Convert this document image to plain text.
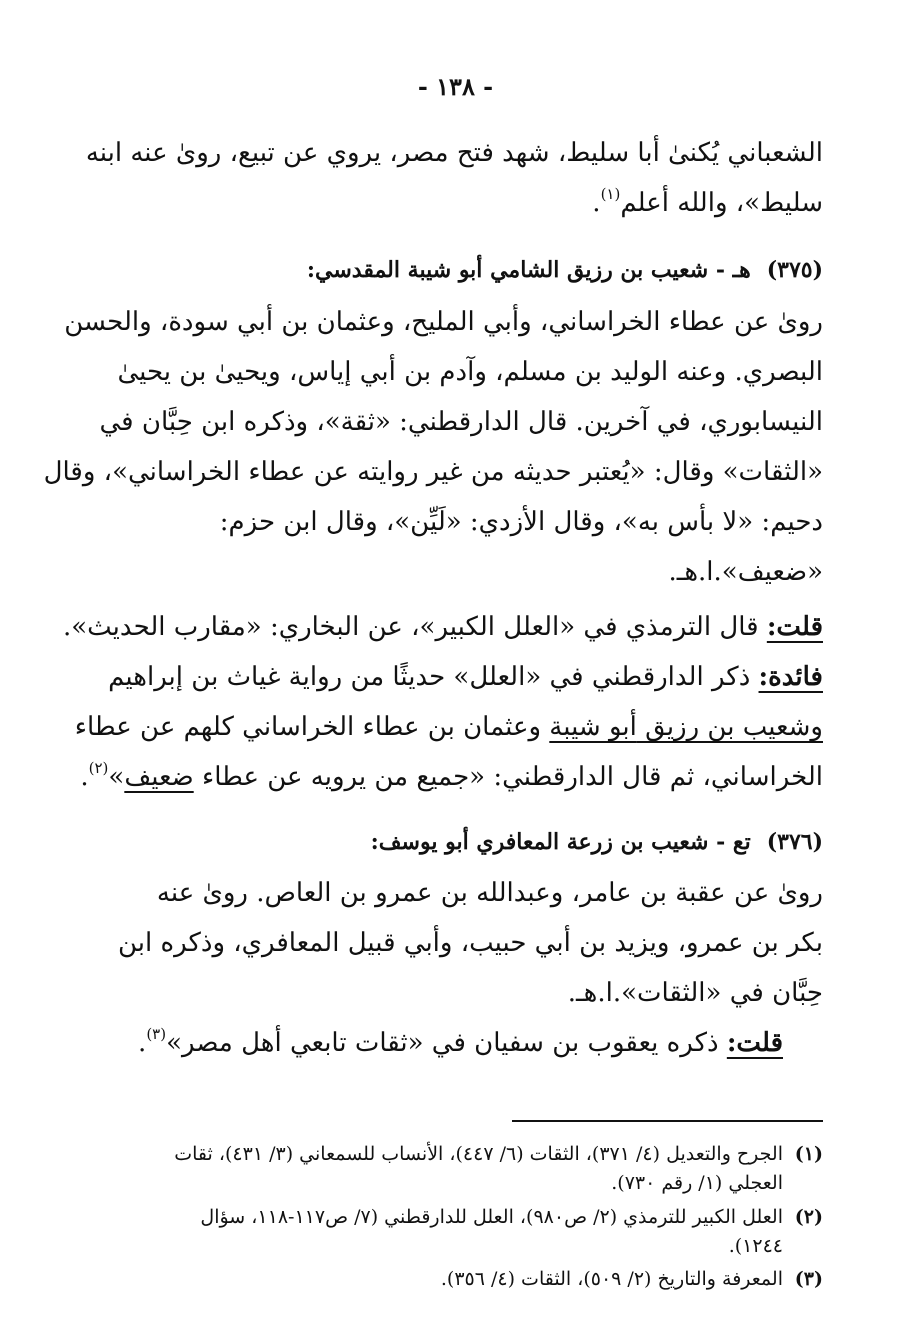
- ١٣٨ -
الشعباني يُكنىٰ أبا سليط، شهد فتح مصر، يروي عن تبيع، روىٰ عنه ابنه
سليط»، والله أعلم$^{(١)}$.
(٣٧٥)هـ - شعيب بن رزيق الشامي أبو شيبة المقدسي:
روىٰ عن عطاء الخراساني، وأبي المليح، وعثمان بن أبي سودة، والحسن
البصري. وعنه الوليد بن مسلم، وآدم بن أبي إياس، ويحيىٰ بن يحيىٰ
النيسابوري، في آخرين. قال الدارقطني: «ثقة»، وذكره ابن حِبَّان في
«الثقات» وقال: «يُعتبر حديثه من غير روايته عن عطاء الخراساني»، وقال
دحيم: «لا بأس به»، وقال الأزدي: «لَيِّن»، وقال ابن حزم:
«ضعيف».ا.هـ.
قلت: قال الترمذي في «العلل الكبير»، عن البخاري: «مقارب الحديث».
فائدة: ذكر الدارقطني في «العلل» حديثًا من رواية غياث بن إبراهيم
وشعيب بن رزيق أبو شيبة وعثمان بن عطاء الخراساني كلهم عن عطاء
الخراساني، ثم قال الدارقطني: «جميع من يرويه عن عطاء ضعيف»$^{(٢)}$.
(٣٧٦)تع - شعيب بن زرعة المعافري أبو يوسف:
روىٰ عن عقبة بن عامر، وعبدالله بن عمرو بن العاص. روىٰ عنه
بكر بن عمرو، ويزيد بن أبي حبيب، وأبي قبيل المعافري، وذكره ابن
حِبَّان في «الثقات».ا.هـ.
قلت: ذكره يعقوب بن سفيان في «ثقات تابعي أهل مصر»$^{(٣)}$.
(١)الجرح والتعديل (٤/ ٣٧١)، الثقات (٦/ ٤٤٧)، الأنساب للسمعاني (٣/ ٤٣١)، ثقات
العجلي (١/ رقم ٧٣٠).
(٢)العلل الكبير للترمذي (٢/ ص٩٨٠)، العلل للدارقطني (٧/ ص١١٧-١١٨، سؤال
١٢٤٤).
(٣)المعرفة والتاريخ (٢/ ٥٠٩)، الثقات (٤/ ٣٥٦).
